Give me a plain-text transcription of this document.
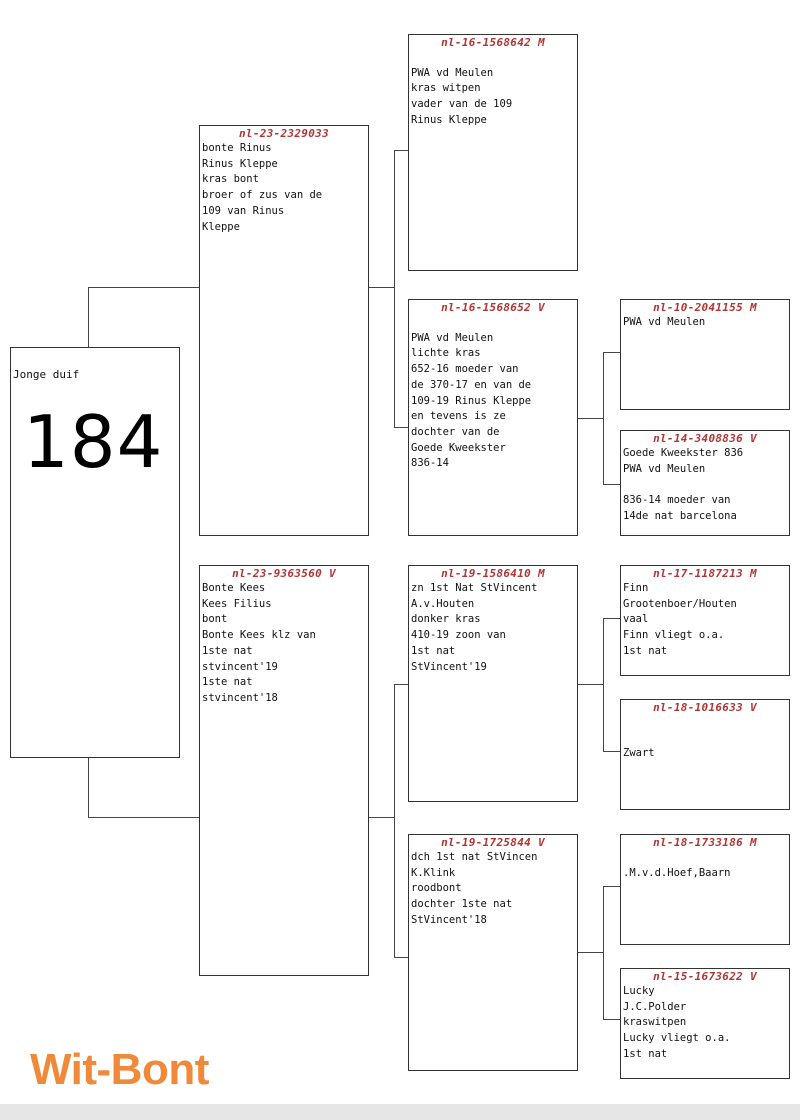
Jonge duif
184
nl-23-2329033
bonte Rinus
Rinus Kleppe
kras bont
broer of zus van de
109 van Rinus
Kleppe
nl-23-9363560 V
Bonte Kees
Kees Filius
bont
Bonte Kees klz van
1ste nat
stvincent'19
1ste nat
stvincent'18
nl-16-1568642 M

PWA vd Meulen
kras witpen
vader van de 109
Rinus Kleppe
nl-16-1568652 V

PWA vd Meulen
lichte kras
652-16 moeder van
de 370-17 en van de
109-19 Rinus Kleppe
en tevens is ze
dochter van de
Goede Kweekster
836-14
nl-19-1586410 M
zn 1st Nat StVincent
A.v.Houten
donker kras
410-19 zoon van
1st nat
StVincent'19
nl-19-1725844 V
dch 1st nat StVincen
K.Klink
roodbont
dochter 1ste nat
StVincent'18
nl-10-2041155 M
PWA vd Meulen
nl-14-3408836 V
Goede Kweekster 836
PWA vd Meulen

836-14 moeder van
14de nat barcelona
nl-17-1187213 M
Finn
Grootenboer/Houten
vaal
Finn vliegt o.a.
1st nat
nl-18-1016633 V

Zwart
nl-18-1733186 M

.M.v.d.Hoef,Baarn
nl-15-1673622 V
Lucky
J.C.Polder
kraswitpen
Lucky vliegt o.a.
1st nat
Wit-Bont
